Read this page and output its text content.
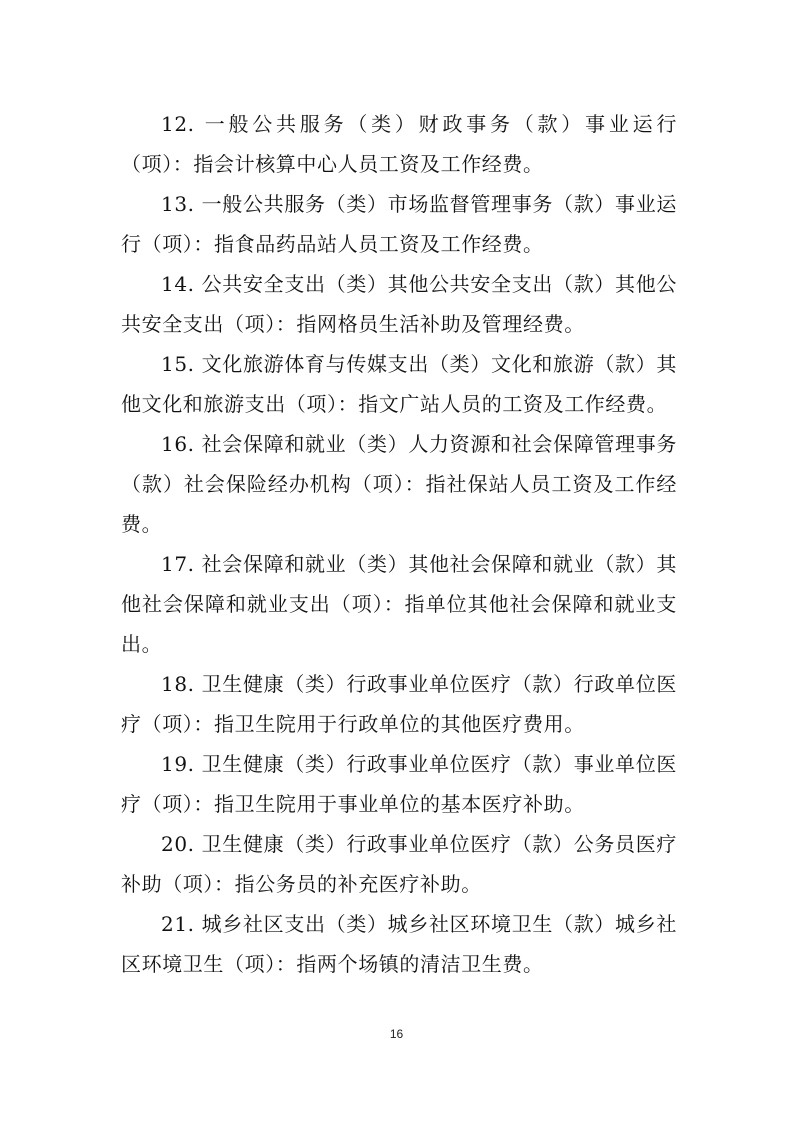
12. 一般公共服务（类）财政事务（款）事业运行（项）：指会计核算中心人员工资及工作经费。

13. 一般公共服务（类）市场监督管理事务（款）事业运行（项）：指食品药品站人员工资及工作经费。

14. 公共安全支出（类）其他公共安全支出（款）其他公共安全支出（项）：指网格员生活补助及管理经费。

15. 文化旅游体育与传媒支出（类）文化和旅游（款）其他文化和旅游支出（项）：指文广站人员的工资及工作经费。

16. 社会保障和就业（类）人力资源和社会保障管理事务（款）社会保险经办机构（项）：指社保站人员工资及工作经费。

17. 社会保障和就业（类）其他社会保障和就业（款）其他社会保障和就业支出（项）：指单位其他社会保障和就业支出。

18. 卫生健康（类）行政事业单位医疗（款）行政单位医疗（项）：指卫生院用于行政单位的其他医疗费用。

19. 卫生健康（类）行政事业单位医疗（款）事业单位医疗（项）：指卫生院用于事业单位的基本医疗补助。

20. 卫生健康（类）行政事业单位医疗（款）公务员医疗补助（项）：指公务员的补充医疗补助。

21. 城乡社区支出（类）城乡社区环境卫生（款）城乡社区环境卫生（项）：指两个场镇的清洁卫生费。

16
